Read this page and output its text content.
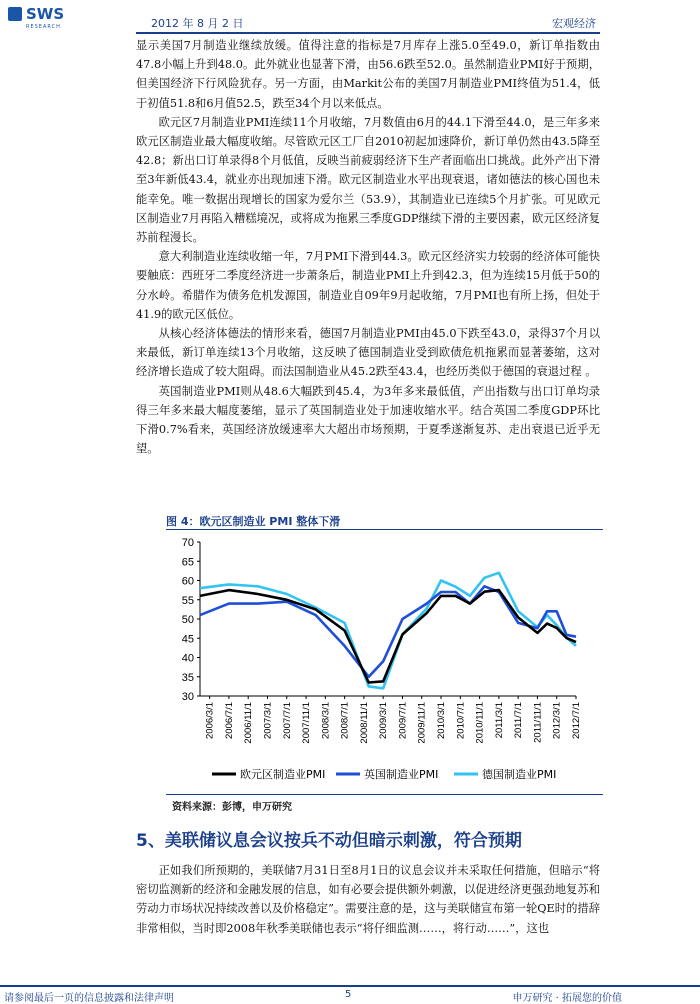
SWS
RESEARCH	2012 年 8 月 2 日	宏观经济

显示美国7月制造业继续放缓。值得注意的指标是7月库存上涨5.0至49.0，新订单指数由47.8小幅上升到48.0。此外就业也显著下滑，由56.6跌至52.0。虽然制造业PMI好于预期，但美国经济下行风险犹存。另一方面，由Markit公布的美国7月制造业PMI终值为51.4，低于初值51.8和6月值52.5，跌至34个月以来低点。

欧元区7月制造业PMI连续11个月收缩，7月数值由6月的44.1下滑至44.0，是三年多来欧元区制造业最大幅度收缩。尽管欧元区工厂自2010初起加速降价，新订单仍然由43.5降至42.8；新出口订单录得8个月低值，反映当前疲弱经济下生产者面临出口挑战。此外产出下滑至3年新低43.4，就业亦出现加速下滑。欧元区制造业水平出现衰退，诸如德法的核心国也未能幸免。唯一数据出现增长的国家为爱尔兰（53.9），其制造业已连续5个月扩张。可见欧元区制造业7月再陷入糟糕境况，或将成为拖累三季度GDP继续下滑的主要因素，欧元区经济复苏前程漫长。

意大利制造业连续收缩一年，7月PMI下滑到44.3。欧元区经济实力较弱的经济体可能快要触底：西班牙二季度经济进一步萧条后，制造业PMI上升到42.3，但为连续15月低于50的分水岭。希腊作为债务危机发源国，制造业自09年9月起收缩，7月PMI也有所上扬，但处于41.9的欧元区低位。

从核心经济体德法的情形来看，德国7月制造业PMI由45.0下跌至43.0，录得37个月以来最低，新订单连续13个月收缩，这反映了德国制造业受到欧债危机拖累而显著萎缩，这对经济增长造成了较大阻碍。而法国制造业从45.2跌至43.4，也经历类似于德国的衰退过程 。

英国制造业PMI则从48.6大幅跌到45.4，为3年多来最低值，产出指数与出口订单均录得三年多来最大幅度萎缩，显示了英国制造业处于加速收缩水平。结合英国二季度GDP环比下滑0.7%看来，英国经济放缓速率大大超出市场预期，于夏季遂渐复苏、走出衰退已近乎无望。

图 4：欧元区制造业 PMI 整体下滑
30
35
40
45
50
55
60
65
70
2006/3/1 2006/7/1 2006/11/1 2007/3/1 2007/7/1 2007/11/1 2008/3/1 2008/7/1 2008/11/1 2009/3/1 2009/7/1 2009/11/1 2010/3/1 2010/7/1 2010/11/1 2011/3/1 2011/7/1 2011/11/1 2012/3/1 2012/7/1
欧元区制造业PMI	英国制造业PMI	德国制造业PMI
资料来源：彭博，申万研究
5、美联储议息会议按兵不动但暗示刺激，符合预期

正如我们所预期的，美联储7月31日至8月1日的议息会议并未采取任何措施，但暗示“将密切监测新的经济和金融发展的信息，如有必要会提供额外刺激，以促进经济更强劲地复苏和劳动力市场状况持续改善以及价格稳定”。需要注意的是，这与美联储宣布第一轮QE时的措辞非常相似，当时即2008年秋季美联储也表示“将仔细监测……，将行动……”，这也

请参阅最后一页的信息披露和法律声明	5	申万研究 · 拓展您的价值
